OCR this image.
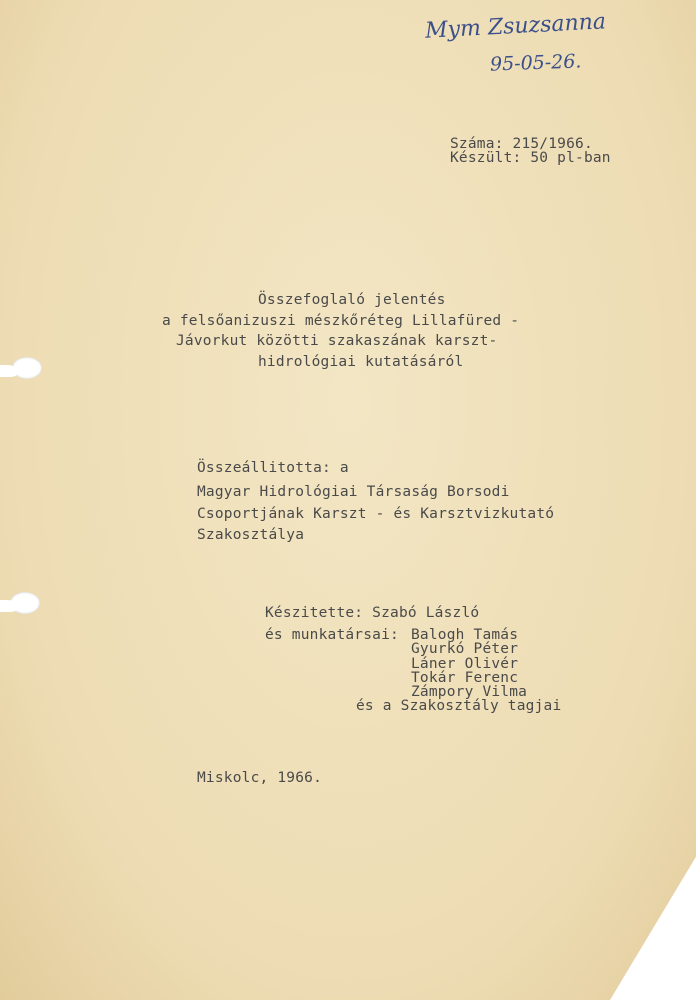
Mym Zsuzsanna
95-05-26.
Száma: 215/1966.
Készült: 50 pl-ban
Összefoglaló jelentés
a felsőanizuszi mészkőréteg Lillafüred -
Jávorkut közötti szakaszának karszt-
hidrológiai kutatásáról
Összeállitotta: a
Magyar Hidrológiai Társaság Borsodi
Csoportjának Karszt - és Karsztvizkutató
Szakosztálya
Készitette: Szabó László
és munkatársai: Balogh Tamás
Gyurkó Péter
Láner Olivér
Tokár Ferenc
Zámpory Vilma
és a Szakosztály tagjai
Miskolc, 1966.
